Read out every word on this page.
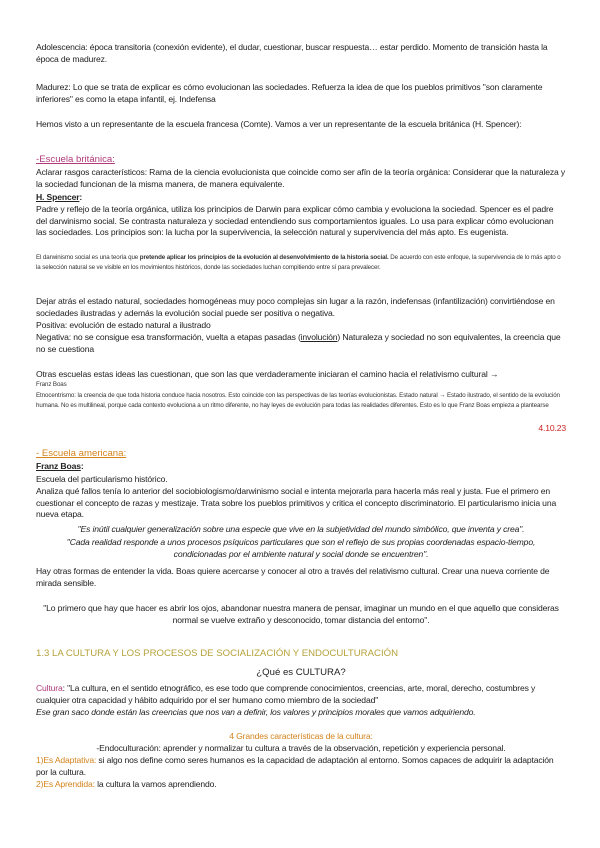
Adolescencia: época transitoria (conexión evidente), el dudar, cuestionar, buscar respuesta… estar perdido. Momento de transición hasta la época de madurez.

Madurez: Lo que se trata de explicar es cómo evolucionan las sociedades. Refuerza la idea de que los pueblos primitivos "son claramente inferiores" es como la etapa infantil, ej. Indefensa

Hemos visto a un representante de la escuela francesa (Comte). Vamos a ver un representante de la escuela británica (H. Spencer):

-Escuela británica:

Aclarar rasgos característicos: Rama de la ciencia evolucionista que coincide como ser afín de la teoría orgánica: Considerar que la naturaleza y la sociedad funcionan de la misma manera, de manera equivalente.

H. Spencer:

Padre y reflejo de la teoría orgánica, utiliza los principios de Darwin para explicar cómo cambia y evoluciona la sociedad. Spencer es el padre del darwinismo social. Se contrasta naturaleza y sociedad entendiendo sus comportamientos iguales. Lo usa para explicar cómo evolucionan las sociedades. Los principios son: la lucha por la supervivencia, la selección natural y supervivencia del más apto. Es eugenista.

El darwinismo social es una teoría que pretende aplicar los principios de la evolución al desenvolvimiento de la historia social. De acuerdo con este enfoque, la supervivencia de lo más apto o la selección natural se ve visible en los movimientos históricos, donde las sociedades luchan compitiendo entre sí para prevalecer.

Dejar atrás el estado natural, sociedades homogéneas muy poco complejas sin lugar a la razón, indefensas (infantilización) convirtiéndose en sociedades ilustradas y además la evolución social puede ser positiva o negativa.

Positiva: evolución de estado natural a ilustrado

Negativa: no se consigue esa transformación, vuelta a etapas pasadas (involución) Naturaleza y sociedad no son equivalentes, la creencia que no se cuestiona

Otras escuelas estas ideas las cuestionan, que son las que verdaderamente iniciaran el camino hacia el relativismo cultural →

Franz Boas

Etnocentrismo: la creencia de que toda historia conduce hacia nosotros. Esto coincide con las perspectivas de las teorías evolucionistas. Estado natural → Estado ilustrado, el sentido de la evolución humana. No es multilineal, porque cada contexto evoluciona a un ritmo diferente, no hay leyes de evolución para todas las realidades diferentes. Esto es lo que Franz Boas empieza a plantearse

4.10.23

- Escuela americana:

Franz Boas:

Escuela del particularismo histórico.

Analiza qué fallos tenía lo anterior del sociobiologismo/darwinismo social e intenta mejorarla para hacerla más real y justa. Fue el primero en cuestionar el concepto de razas y mestizaje. Trata sobre los pueblos primitivos y critica el concepto discriminatorio. El particularismo inicia una nueva etapa.

"Es inútil cualquier generalización sobre una especie que vive en la subjetividad del mundo simbólico, que inventa y crea".

"Cada realidad responde a unos procesos psíquicos particulares que son el reflejo de sus propias coordenadas espacio-tiempo, condicionadas por el ambiente natural y social donde se encuentren".

Hay otras formas de entender la vida. Boas quiere acercarse y conocer al otro a través del relativismo cultural. Crear una nueva corriente de mirada sensible.

"Lo primero que hay que hacer es abrir los ojos, abandonar nuestra manera de pensar, imaginar un mundo en el que aquello que consideras normal se vuelve extraño y desconocido, tomar distancia del entorno".

1.3 LA CULTURA Y LOS PROCESOS DE SOCIALIZACIÓN Y ENDOCULTURACIÓN

¿Qué es CULTURA?

Cultura: "La cultura, en el sentido etnográfico, es ese todo que comprende conocimientos, creencias, arte, moral, derecho, costumbres y cualquier otra capacidad y hábito adquirido por el ser humano como miembro de la sociedad"

Ese gran saco donde están las creencias que nos van a definir, los valores y principios morales que vamos adquiriendo.

4 Grandes características de la cultura:

-Endoculturación: aprender y normalizar tu cultura a través de la observación, repetición y experiencia personal.

1)Es Adaptativa: si algo nos define como seres humanos es la capacidad de adaptación al entorno. Somos capaces de adquirir la adaptación por la cultura.

2)Es Aprendida: la cultura la vamos aprendiendo.
